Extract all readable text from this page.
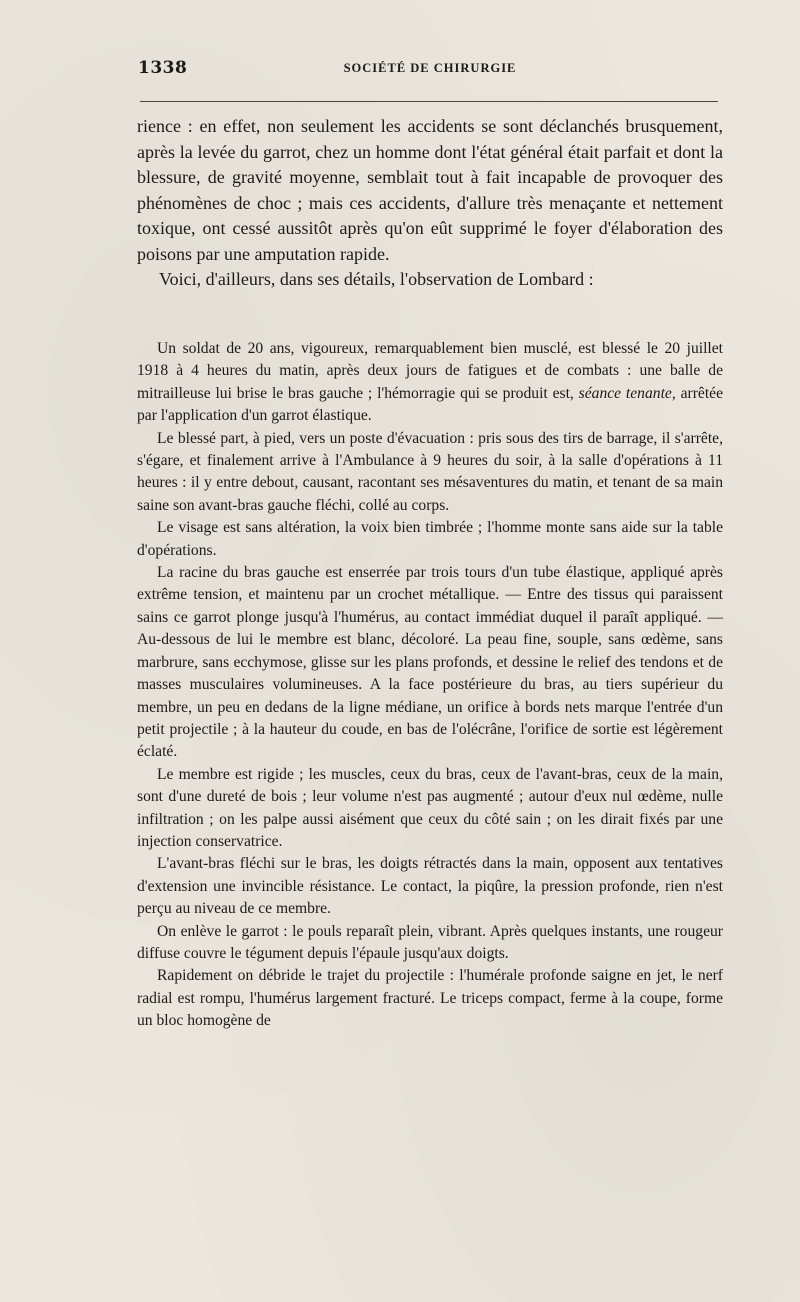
1338	SOCIÉTÉ DE CHIRURGIE

rience : en effet, non seulement les accidents se sont déclanchés brusquement, après la levée du garrot, chez un homme dont l'état général était parfait et dont la blessure, de gravité moyenne, semblait tout à fait incapable de provoquer des phénomènes de choc ; mais ces accidents, d'allure très menaçante et nettement toxique, ont cessé aussitôt après qu'on eût supprimé le foyer d'élaboration des poisons par une amputation rapide.

Voici, d'ailleurs, dans ses détails, l'observation de Lombard :

Un soldat de 20 ans, vigoureux, remarquablement bien musclé, est blessé le 20 juillet 1918 à 4 heures du matin, après deux jours de fatigues et de combats : une balle de mitrailleuse lui brise le bras gauche ; l'hémorragie qui se produit est, séance tenante, arrêtée par l'application d'un garrot élastique.

Le blessé part, à pied, vers un poste d'évacuation : pris sous des tirs de barrage, il s'arrête, s'égare, et finalement arrive à l'Ambulance à 9 heures du soir, à la salle d'opérations à 11 heures : il y entre debout, causant, racontant ses mésaventures du matin, et tenant de sa main saine son avant-bras gauche fléchi, collé au corps.

Le visage est sans altération, la voix bien timbrée ; l'homme monte sans aide sur la table d'opérations.

La racine du bras gauche est enserrée par trois tours d'un tube élastique, appliqué après extrême tension, et maintenu par un crochet métallique. — Entre des tissus qui paraissent sains ce garrot plonge jusqu'à l'humérus, au contact immédiat duquel il paraît appliqué. — Au-dessous de lui le membre est blanc, décoloré. La peau fine, souple, sans œdème, sans marbrure, sans ecchymose, glisse sur les plans profonds, et dessine le relief des tendons et de masses musculaires volumineuses. A la face postérieure du bras, au tiers supérieur du membre, un peu en dedans de la ligne médiane, un orifice à bords nets marque l'entrée d'un petit projectile ; à la hauteur du coude, en bas de l'olécrâne, l'orifice de sortie est légèrement éclaté.

Le membre est rigide ; les muscles, ceux du bras, ceux de l'avant-bras, ceux de la main, sont d'une dureté de bois ; leur volume n'est pas augmenté ; autour d'eux nul œdème, nulle infiltration ; on les palpe aussi aisément que ceux du côté sain ; on les dirait fixés par une injection conservatrice.

L'avant-bras fléchi sur le bras, les doigts rétractés dans la main, opposent aux tentatives d'extension une invincible résistance. Le contact, la piqûre, la pression profonde, rien n'est perçu au niveau de ce membre.

On enlève le garrot : le pouls reparaît plein, vibrant. Après quelques instants, une rougeur diffuse couvre le tégument depuis l'épaule jusqu'aux doigts.

Rapidement on débride le trajet du projectile : l'humérale profonde saigne en jet, le nerf radial est rompu, l'humérus largement fracturé. Le triceps compact, ferme à la coupe, forme un bloc homogène de
